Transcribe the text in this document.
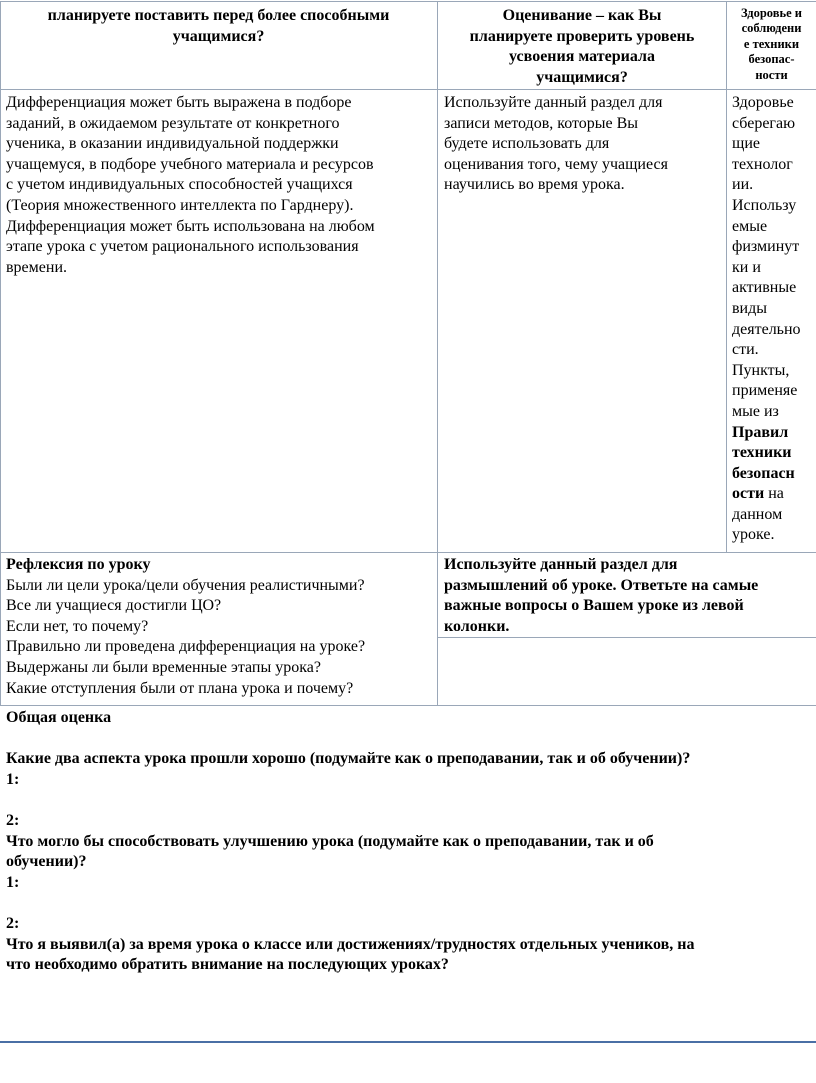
планируете поставить перед более способными
учащимися?
Оценивание – как Вы
планируете проверить уровень
усвоения материала
учащимися?
Здоровье и
соблюдени
е техники
безопас-
ности
Дифференциация может быть выражена в подборе
заданий, в ожидаемом результате от конкретного
ученика, в оказании индивидуальной поддержки
учащемуся, в подборе учебного материала и ресурсов
с учетом индивидуальных способностей учащихся
(Теория множественного интеллекта по Гарднеру).
Дифференциация может быть использована на любом
этапе урока с учетом рационального использования
времени.
Используйте данный раздел для
записи методов, которые Вы
будете использовать для
оценивания того, чему учащиеся
научились во время урока.
Здоровье
сберегаю
щие
технолог
ии.
Использу
емые
физминут
ки и
активные
виды
деятельно
сти.
Пункты,
применяе
мые из
Правил
техники
безопасн
ости на
данном
уроке.
Рефлексия по уроку
Были ли цели урока/цели обучения реалистичными?
Все ли учащиеся достигли ЦО?
Если нет, то почему?
Правильно ли проведена дифференциация на уроке?
Выдержаны ли были временные этапы урока?
Какие отступления были от плана урока и почему?
Используйте данный раздел для
размышлений об уроке. Ответьте на самые
важные вопросы о Вашем уроке из левой
колонки.
Общая оценка

Какие два аспекта урока прошли хорошо (подумайте как о преподавании, так и об обучении)?
1:

2:
Что могло бы способствовать улучшению урока (подумайте как о преподавании, так и об
обучении)?
1:

2:
Что я выявил(а) за время урока о классе или достижениях/трудностях отдельных учеников, на
что необходимо обратить внимание на последующих уроках?
